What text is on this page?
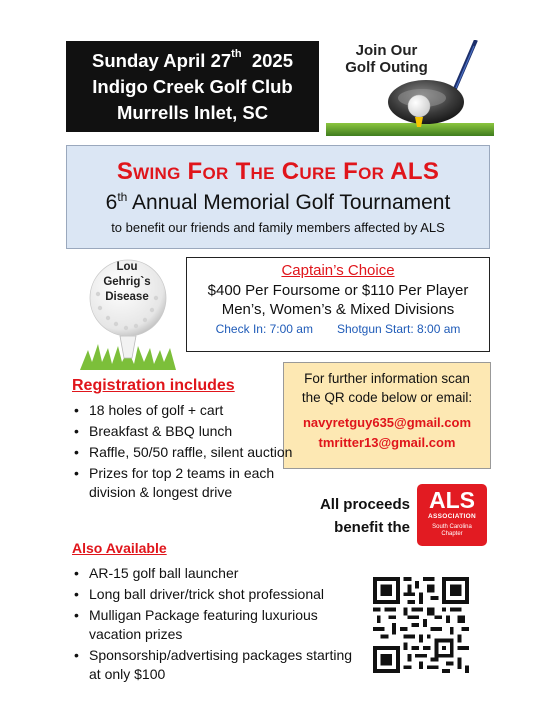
Sunday April 27th 2025
Indigo Creek Golf Club
Murrells Inlet, SC
Join Our
Golf Outing
Swing For The Cure For ALS
6th Annual Memorial Golf Tournament
to benefit our friends and family members affected by ALS
Lou
Gehrig`s
Disease
Captain’s Choice
$400 Per Foursome or $110 Per Player
Men’s, Women’s & Mixed Divisions
Check In: 7:00 am Shotgun Start: 8:00 am
For further information scan
the QR code below or email:
navyretguy635@gmail.com
tmritter13@gmail.com
Registration includes
• 18 holes of golf + cart
• Breakfast & BBQ lunch
• Raffle, 50/50 raffle, silent auction
• Prizes for top 2 teams in each division & longest drive
All proceeds
benefit the
ALS
ASSOCIATION
South Carolina
Chapter
Also Available
• AR-15 golf ball launcher
• Long ball driver/trick shot professional
• Mulligan Package featuring luxurious vacation prizes
• Sponsorship/advertising packages starting at only $100
